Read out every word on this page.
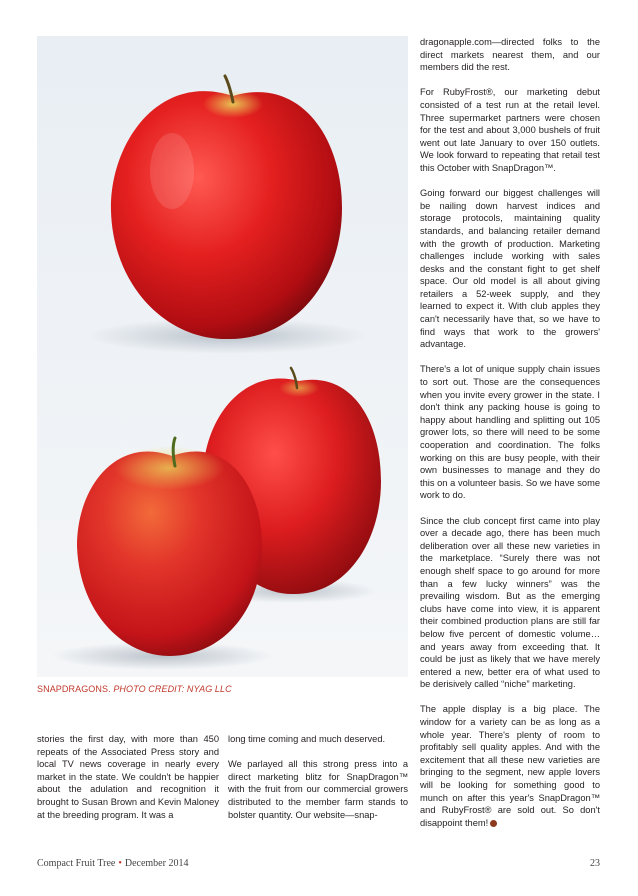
SNAPDRAGONS. PHOTO CREDIT: NYAG LLC

dragonapple.com—directed folks to the direct markets nearest them, and our members did the rest.

For RubyFrost®, our marketing debut consisted of a test run at the retail level. Three supermarket partners were chosen for the test and about 3,000 bushels of fruit went out late January to over 150 outlets. We look forward to repeating that retail test this October with SnapDragon™.

Going forward our biggest challenges will be nailing down harvest indices and storage protocols, maintaining quality standards, and balancing retailer demand with the growth of production. Marketing challenges include working with sales desks and the constant fight to get shelf space. Our old model is all about giving retailers a 52-week supply, and they learned to expect it. With club apples they can't necessarily have that, so we have to find ways that work to the growers' advantage.

There's a lot of unique supply chain issues to sort out. Those are the consequences when you invite every grower in the state. I don't think any packing house is going to happy about handling and splitting out 105 grower lots, so there will need to be some cooperation and coordination. The folks working on this are busy people, with their own businesses to manage and they do this on a volunteer basis. So we have some work to do.

Since the club concept first came into play over a decade ago, there has been much deliberation over all these new varieties in the marketplace. “Surely there was not enough shelf space to go around for more than a few lucky winners” was the prevailing wisdom. But as the emerging clubs have come into view, it is apparent their combined production plans are still far below five percent of domestic volume… and years away from exceeding that. It could be just as likely that we have merely entered a new, better era of what used to be derisively called “niche” marketing.

The apple display is a big place. The window for a variety can be as long as a whole year. There's plenty of room to profitably sell quality apples. And with the excitement that all these new varieties are bringing to the segment, new apple lovers will be looking for something good to munch on after this year's SnapDragon™ and RubyFrost® are sold out. So don't disappoint them!

stories the first day, with more than 450 repeats of the Associated Press story and local TV news coverage in nearly every market in the state. We couldn't be happier about the adulation and recognition it brought to Susan Brown and Kevin Maloney at the breeding program. It was a

long time coming and much deserved.

We parlayed all this strong press into a direct marketing blitz for SnapDragon™ with the fruit from our commercial growers distributed to the member farm stands to bolster quantity. Our website—snap-

Compact Fruit Tree • December 2014	23
